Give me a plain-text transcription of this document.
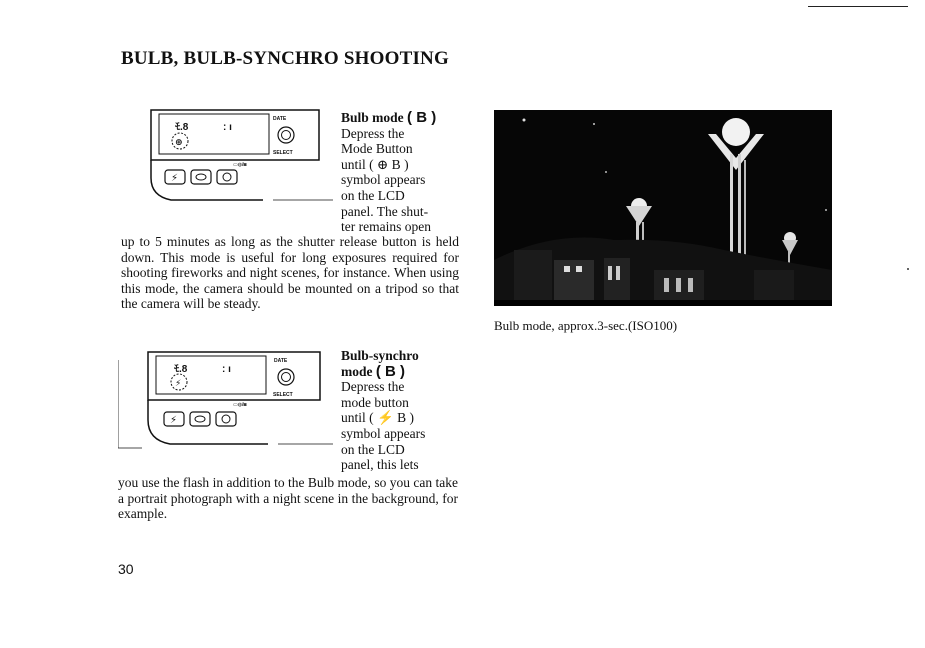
BULB, BULB-SYNCHRO SHOOTING
ﾓ.8	: ı
⊕
DATE
SELECT
▭◍/◙
⚡
Bulb mode ( B )
Depress the
Mode Button
until ( ⊕ B )
symbol appears
on the LCD
panel. The shut-
ter remains open

up to 5 minutes as long as the shutter release button is held down. This mode is useful for long exposures required for shooting fireworks and night scenes, for instance. When using this mode, the camera should be mounted on a tripod so that the camera will be steady.

ﾓ.8	: ı
⚡
DATE
SELECT
▭◍/◙
⚡
Bulb-synchro
mode ( B )
Depress the
mode button
until ( ⚡ B )
symbol appears
on the LCD
panel, this lets

you use the flash in addition to the Bulb mode, so you can take a portrait photograph with a night scene in the background, for example.

Bulb mode, approx.3-sec.(ISO100)
30
